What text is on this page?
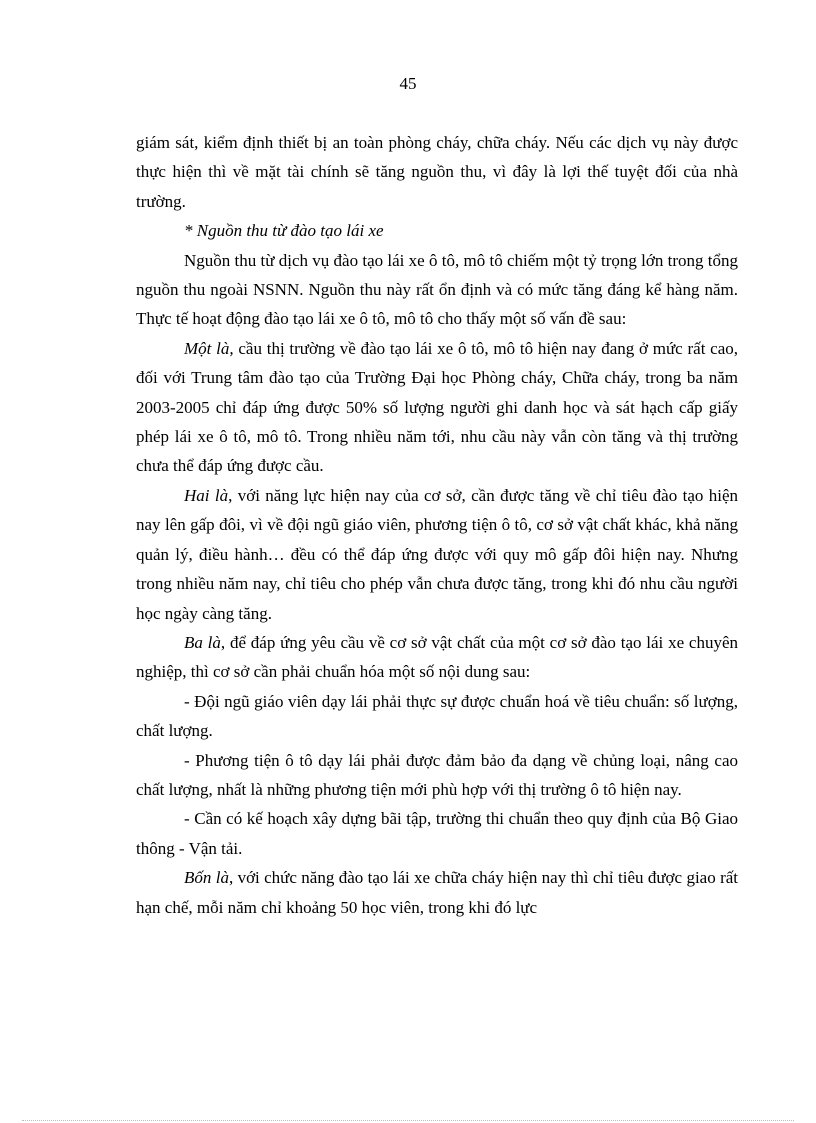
45

giám sát, kiểm định thiết bị an toàn phòng cháy, chữa cháy. Nếu các dịch vụ này được thực hiện thì về mặt tài chính sẽ tăng nguồn thu, vì đây là lợi thế tuyệt đối của nhà trường.

* Nguồn thu từ đào tạo lái xe

Nguồn thu từ dịch vụ đào tạo lái xe ô tô, mô tô chiếm một tỷ trọng lớn trong tổng nguồn thu ngoài NSNN. Nguồn thu này rất ổn định và có mức tăng đáng kể hàng năm. Thực tế hoạt động đào tạo lái xe ô tô, mô tô cho thấy một số vấn đề sau:

Một là, cầu thị trường về đào tạo lái xe ô tô, mô tô hiện nay đang ở mức rất cao, đối với Trung tâm đào tạo của Trường Đại học Phòng cháy, Chữa cháy, trong ba năm 2003-2005 chỉ đáp ứng được 50% số lượng người ghi danh học và sát hạch cấp giấy phép lái xe ô tô, mô tô. Trong nhiều năm tới, nhu cầu này vẫn còn tăng và thị trường chưa thể đáp ứng được cầu.

Hai là, với năng lực hiện nay của cơ sở, cần được tăng về chỉ tiêu đào tạo hiện nay lên gấp đôi, vì về đội ngũ giáo viên, phương tiện ô tô, cơ sở vật chất khác, khả năng quản lý, điều hành… đều có thể đáp ứng được với quy mô gấp đôi hiện nay. Nhưng trong nhiều năm nay, chỉ tiêu cho phép vẫn chưa được tăng, trong khi đó nhu cầu người học ngày càng tăng.

Ba là, để đáp ứng yêu cầu về cơ sở vật chất của một cơ sở đào tạo lái xe chuyên nghiệp, thì cơ sở cần phải chuẩn hóa một số nội dung sau:

- Đội ngũ giáo viên dạy lái phải thực sự được chuẩn hoá về tiêu chuẩn: số lượng, chất lượng.

- Phương tiện ô tô dạy lái phải được đảm bảo đa dạng về chủng loại, nâng cao chất lượng, nhất là những phương tiện mới phù hợp với thị trường ô tô hiện nay.

- Cần có kế hoạch xây dựng bãi tập, trường thi chuẩn theo quy định của Bộ Giao thông - Vận tải.

Bốn là, với chức năng đào tạo lái xe chữa cháy hiện nay thì chỉ tiêu được giao rất hạn chế, mỗi năm chỉ khoảng 50 học viên, trong khi đó lực
